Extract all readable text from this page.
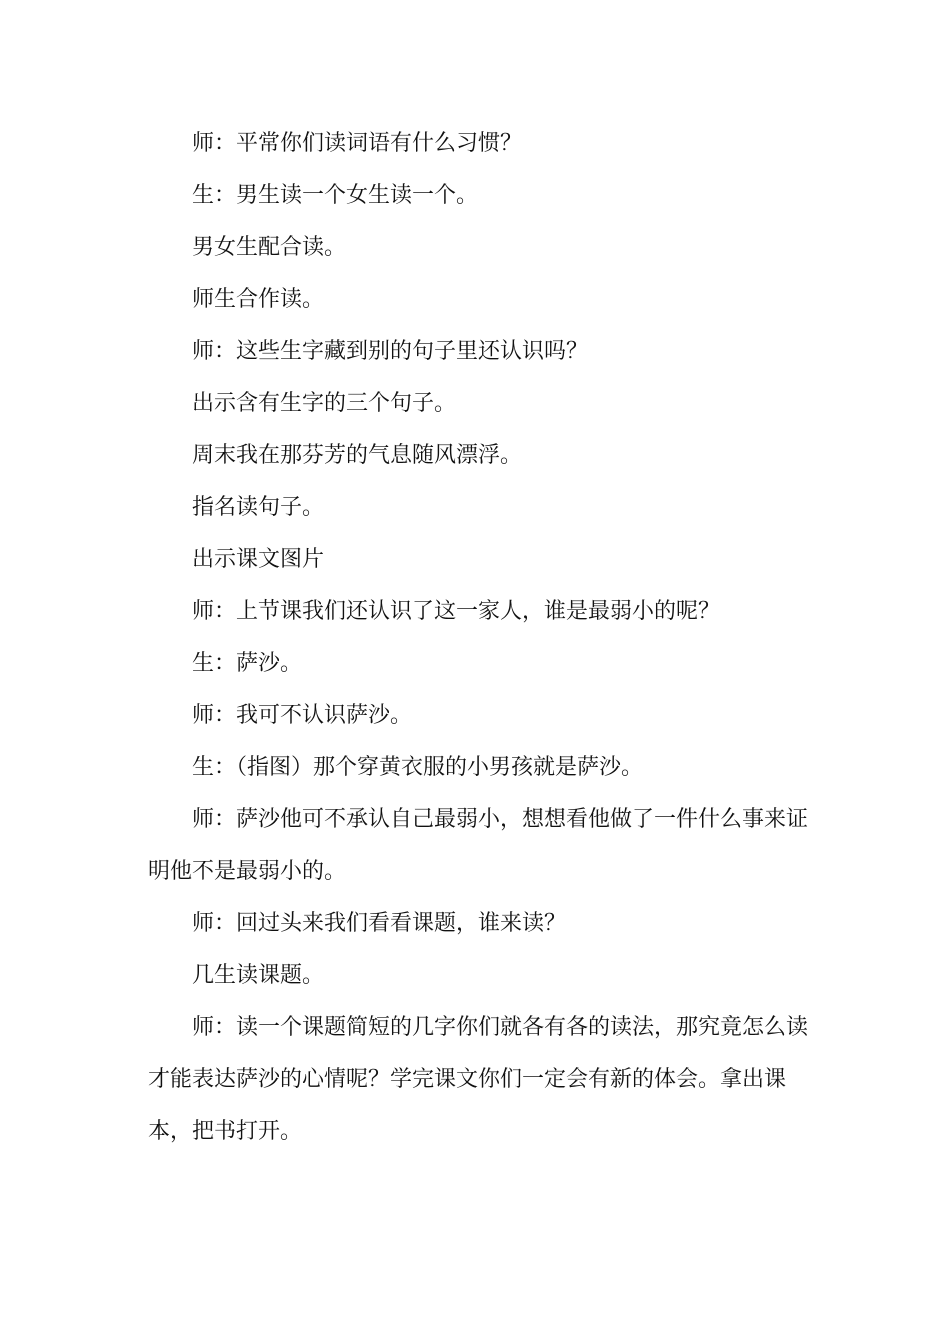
师：平常你们读词语有什么习惯？

生：男生读一个女生读一个。

男女生配合读。

师生合作读。

师：这些生字藏到别的句子里还认识吗？

出示含有生字的三个句子。

周末我在那芬芳的气息随风漂浮。

指名读句子。

出示课文图片

师：上节课我们还认识了这一家人，谁是最弱小的呢？

生：萨沙。

师：我可不认识萨沙。

生：（指图）那个穿黄衣服的小男孩就是萨沙。

师：萨沙他可不承认自己最弱小，想想看他做了一件什么事来证明他不是最弱小的。

师：回过头来我们看看课题，谁来读？

几生读课题。

师：读一个课题简短的几字你们就各有各的读法，那究竟怎么读才能表达萨沙的心情呢？学完课文你们一定会有新的体会。拿出课本，把书打开。
